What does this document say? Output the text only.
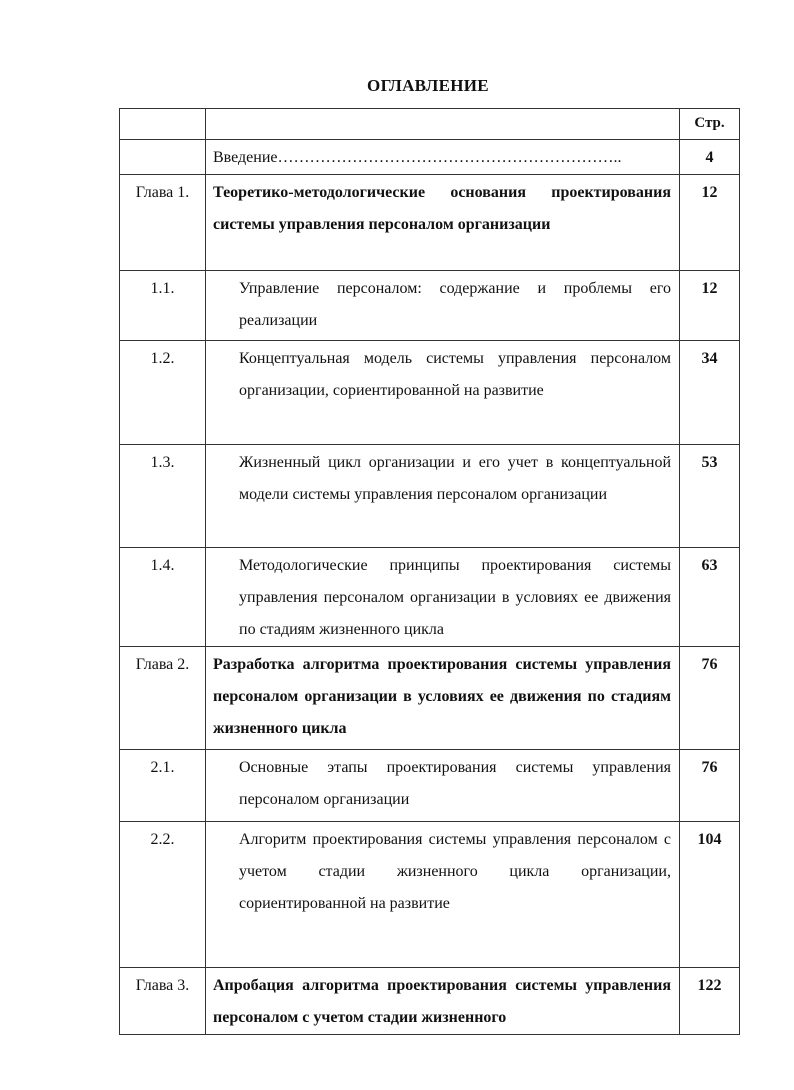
ОГЛАВЛЕНИЕ
		Стр.
	Введение………………………………………………………..	4
Глава 1.	Теоретико-методологические основания проектирования системы управления персоналом организации	12
1.1.	Управление персоналом: содержание и проблемы его реализации	12
1.2.	Концептуальная модель системы управления персоналом организации, сориентированной на развитие	34
1.3.	Жизненный цикл организации и его учет в концептуальной модели системы управления персоналом организации	53
1.4.	Методологические принципы проектирования системы управления персоналом организации в условиях ее движения по стадиям жизненного цикла	63
Глава 2.	Разработка алгоритма проектирования системы управления персоналом организации в условиях ее движения по стадиям жизненного цикла	76
2.1.	Основные этапы проектирования системы управления персоналом организации	76
2.2.	Алгоритм проектирования системы управления персоналом с учетом стадии жизненного цикла организации, сориентированной на развитие	104
Глава 3.	Апробация алгоритма проектирования системы управления персоналом с учетом стадии жизненного	122
